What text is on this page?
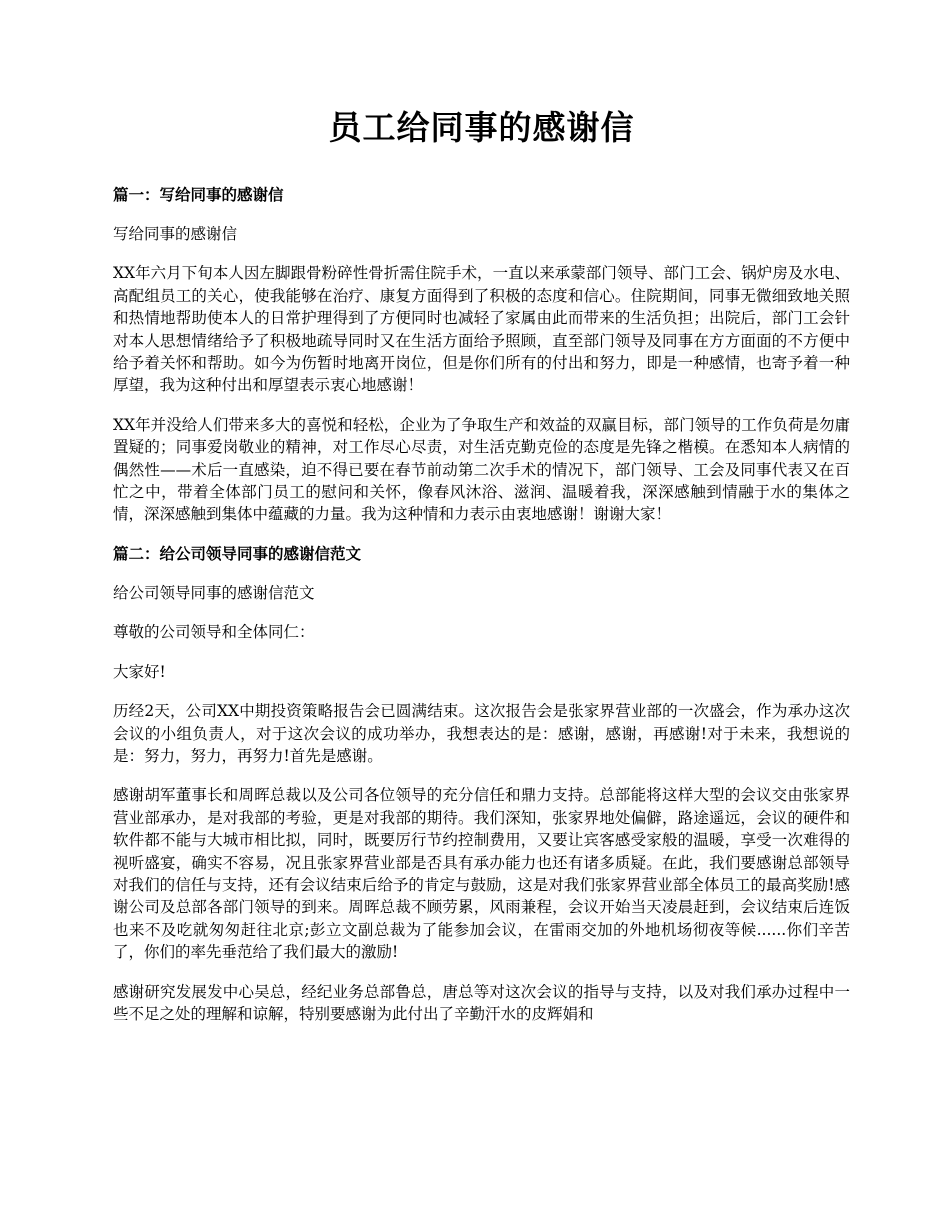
员工给同事的感谢信
篇一：写给同事的感谢信

写给同事的感谢信

XX年六月下旬本人因左脚跟骨粉碎性骨折需住院手术，一直以来承蒙部门领导、部门工会、锅炉房及水电、高配组员工的关心，使我能够在治疗、康复方面得到了积极的态度和信心。住院期间，同事无微细致地关照和热情地帮助使本人的日常护理得到了方便同时也减轻了家属由此而带来的生活负担；出院后，部门工会针对本人思想情绪给予了积极地疏导同时又在生活方面给予照顾，直至部门领导及同事在方方面面的不方便中给予着关怀和帮助。如今为伤暂时地离开岗位，但是你们所有的付出和努力，即是一种感情，也寄予着一种厚望，我为这种付出和厚望表示衷心地感谢！

XX年并没给人们带来多大的喜悦和轻松，企业为了争取生产和效益的双赢目标，部门领导的工作负荷是勿庸置疑的；同事爱岗敬业的精神，对工作尽心尽责，对生活克勤克俭的态度是先锋之楷模。在悉知本人病情的偶然性——术后一直感染，迫不得已要在春节前动第二次手术的情况下，部门领导、工会及同事代表又在百忙之中，带着全体部门员工的慰问和关怀，像春风沐浴、滋润、温暖着我，深深感触到情融于水的集体之情，深深感触到集体中蕴藏的力量。我为这种情和力表示由衷地感谢！谢谢大家！

篇二：给公司领导同事的感谢信范文

给公司领导同事的感谢信范文

尊敬的公司领导和全体同仁：

大家好!

历经2天，公司XX中期投资策略报告会已圆满结束。这次报告会是张家界营业部的一次盛会，作为承办这次会议的小组负责人，对于这次会议的成功举办，我想表达的是：感谢，感谢，再感谢!对于未来，我想说的是：努力，努力，再努力!首先是感谢。

感谢胡军董事长和周晖总裁以及公司各位领导的充分信任和鼎力支持。总部能将这样大型的会议交由张家界营业部承办，是对我部的考验，更是对我部的期待。我们深知，张家界地处偏僻，路途遥远，会议的硬件和软件都不能与大城市相比拟，同时，既要厉行节约控制费用，又要让宾客感受家般的温暖，享受一次难得的视听盛宴，确实不容易，况且张家界营业部是否具有承办能力也还有诸多质疑。在此，我们要感谢总部领导对我们的信任与支持，还有会议结束后给予的肯定与鼓励，这是对我们张家界营业部全体员工的最高奖励!感谢公司及总部各部门领导的到来。周晖总裁不顾劳累，风雨兼程，会议开始当天凌晨赶到，会议结束后连饭也来不及吃就匆匆赶往北京;彭立文副总裁为了能参加会议，在雷雨交加的外地机场彻夜等候......你们辛苦了，你们的率先垂范给了我们最大的激励!

感谢研究发展发中心吴总，经纪业务总部鲁总，唐总等对这次会议的指导与支持，以及对我们承办过程中一些不足之处的理解和谅解，特别要感谢为此付出了辛勤汗水的皮辉娟和
